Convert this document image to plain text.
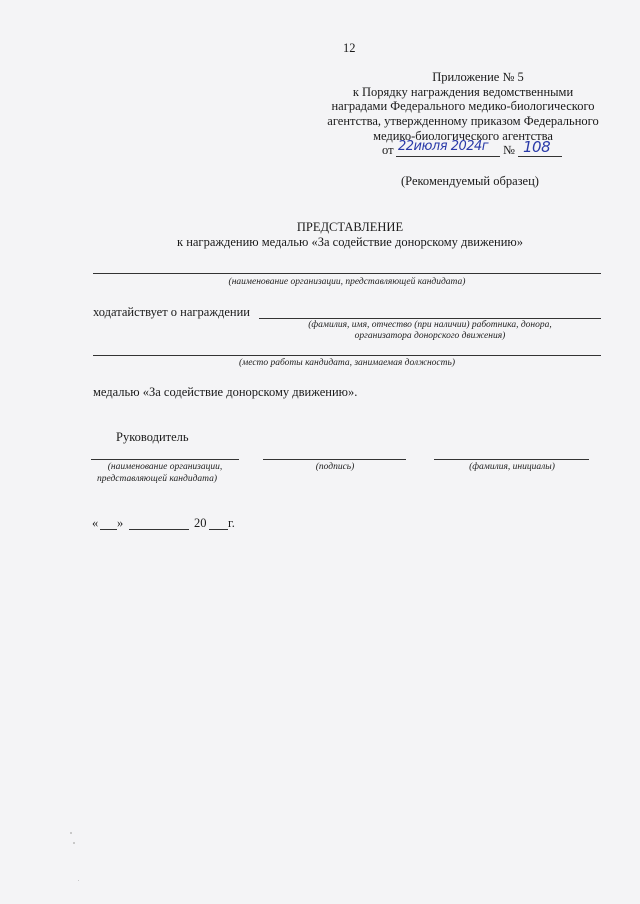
12
Приложение № 5
к Порядку награждения ведомственными
наградами Федерального медико-биологического
агентства, утвержденному приказом Федерального
медико-биологического агентства
от 22июля 2024г № 108
(Рекомендуемый образец)
ПРЕДСТАВЛЕНИЕ
к награждению медалью «За содействие донорскому движению»
(наименование организации, представляющей кандидата)
ходатайствует о награждении
(фамилия, имя, отчество (при наличии) работника, донора,
организатора донорского движения)
(место работы кандидата, занимаемая должность)
медалью «За содействие донорскому движению».
Руководитель
(наименование организации,
представляющей кандидата)
(подпись)	(фамилия, инициалы)
« »	20 г.
